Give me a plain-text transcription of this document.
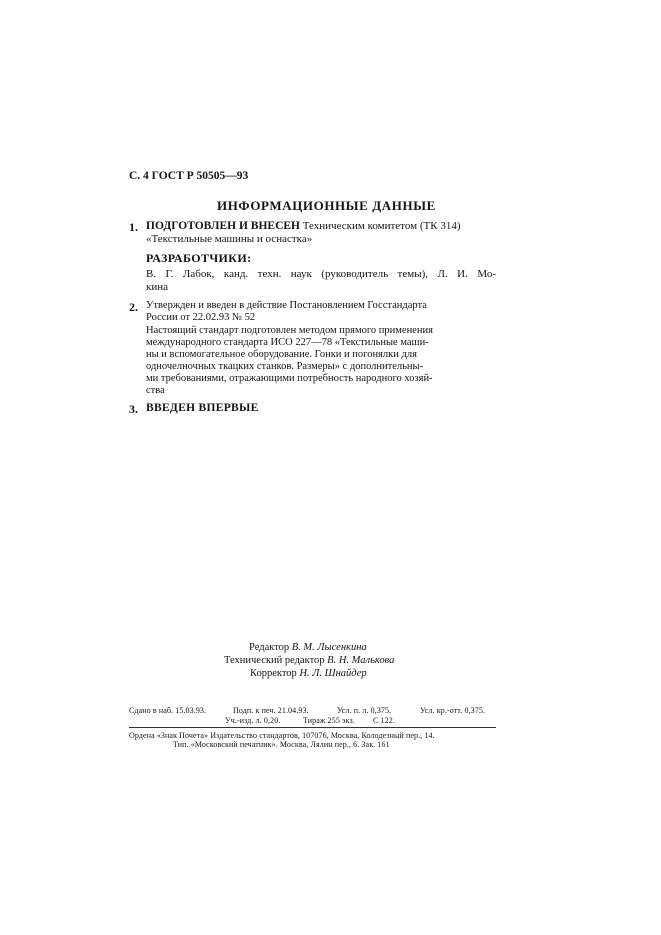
С. 4 ГОСТ Р 50505—93
ИНФОРМАЦИОННЫЕ ДАННЫЕ
1. ПОДГОТОВЛЕН И ВНЕСЕН Техническим комитетом (ТК 314)
«Текстильные машины и оснастка»
РАЗРАБОТЧИКИ:
В. Г. Лабок, канд. техн. наук (руководитель темы), Л. И. Мо-
кина
2. Утвержден и введен в действие Постановлением Госстандарта
России от 22.02.93 № 52
Настоящий стандарт подготовлен методом прямого применения
международного стандарта ИСО 227—78 «Текстильные маши-
ны и вспомогательное оборудование. Гонки и погонялки для
одночелночных ткацких станков. Размеры» с дополнительны-
ми требованиями, отражающими потребность народного хозяй-
ства
3. ВВЕДЕН ВПЕРВЫЕ
Редактор В. М. Лысенкина
Технический редактор В. Н. Малькова
Корректор Н. Л. Шнайдер
Сдано в наб. 15.03.93.	Подп. к печ. 21.04.93.	Усл. п. л. 0,375.	Усл. кр.-отт. 0,375.
Уч.-изд. л. 0,20.	Тираж 255 экз. С 122.
Ордена «Знак Почета» Издательство стандартов, 107076, Москва, Колодезный пер., 14.
Тип. «Московский печатник». Москва, Лялин пер., 6. Зак. 161
